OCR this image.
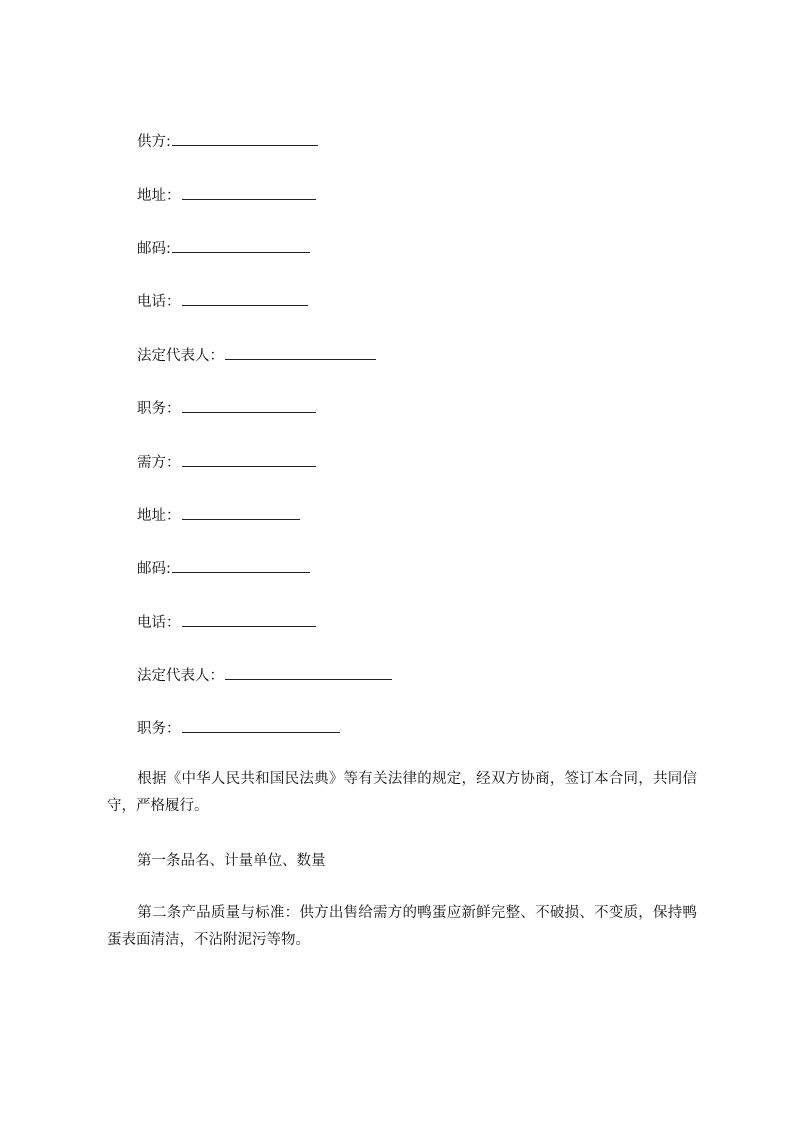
供方:
地址：
邮码:
电话：
法定代表人：
职务：
需方：
地址：
邮码:
电话：
法定代表人：
职务：
根据《中华人民共和国民法典》等有关法律的规定，经双方协商，签订本合同，共同信守，严格履行。
第一条品名、计量单位、数量
第二条产品质量与标准：供方出售给需方的鸭蛋应新鲜完整、不破损、不变质，保持鸭蛋表面清洁，不沾附泥污等物。
